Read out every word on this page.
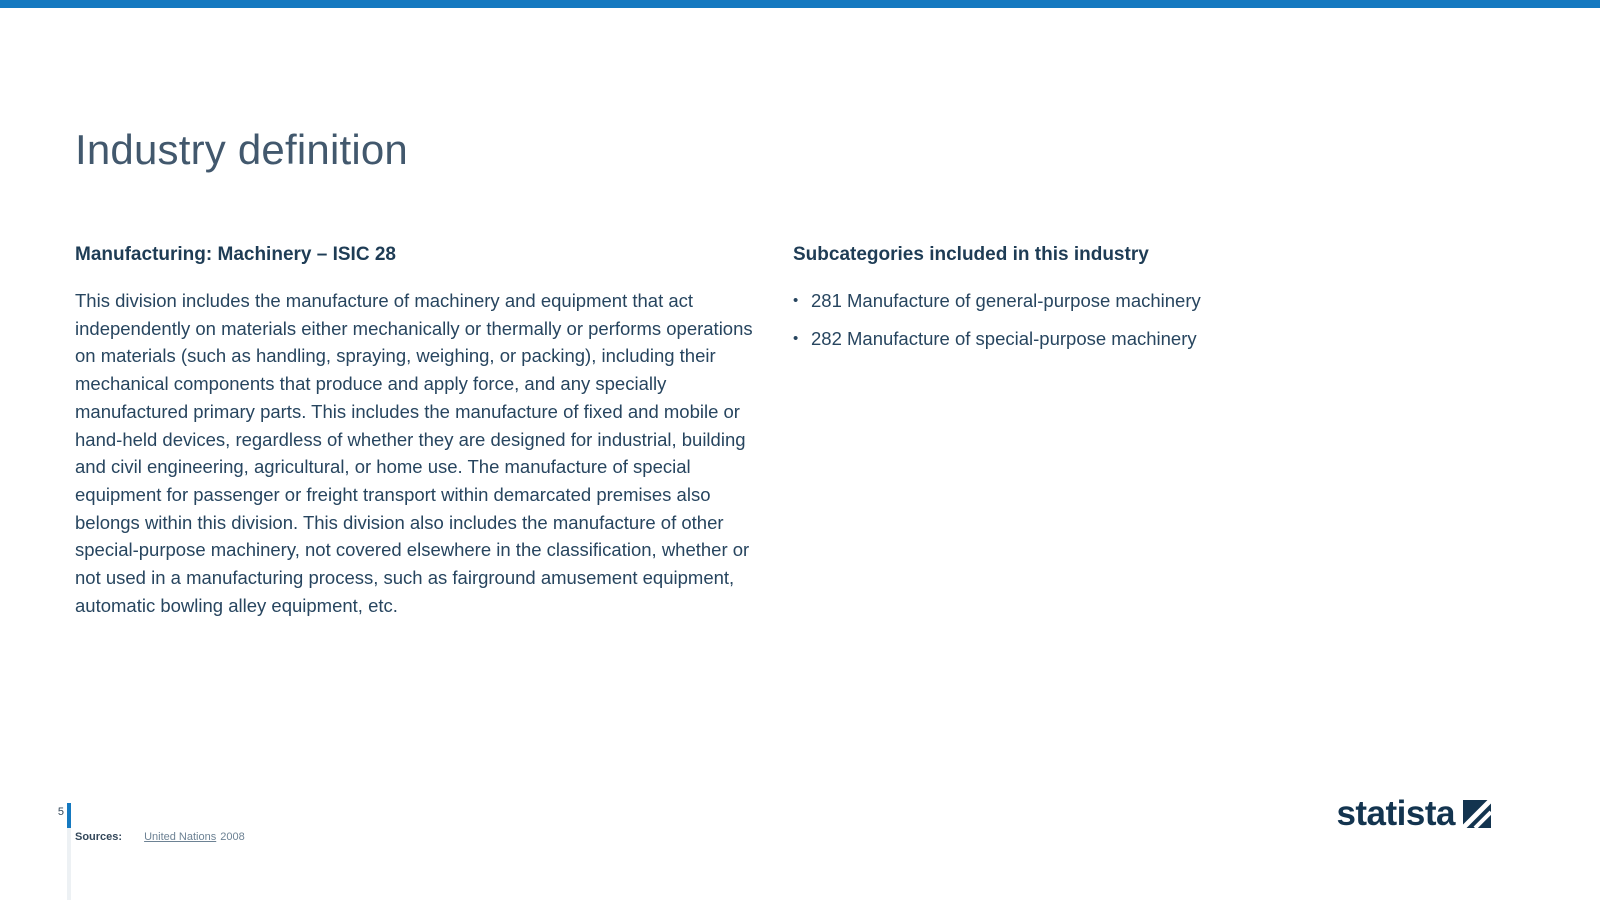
Industry definition
Manufacturing: Machinery – ISIC 28
This division includes the manufacture of machinery and equipment that act independently on materials either mechanically or thermally or performs operations on materials (such as handling, spraying, weighing, or packing), including their mechanical components that produce and apply force, and any specially manufactured primary parts. This includes the manufacture of fixed and mobile or hand-held devices, regardless of whether they are designed for industrial, building and civil engineering, agricultural, or home use. The manufacture of special equipment for passenger or freight transport within demarcated premises also belongs within this division. This division also includes the manufacture of other special-purpose machinery, not covered elsewhere in the classification, whether or not used in a manufacturing process, such as fairground amusement equipment, automatic bowling alley equipment, etc.
Subcategories included in this industry
• 281 Manufacture of general-purpose machinery
• 282 Manufacture of special-purpose machinery
5
Sources: United Nations 2008
statista
